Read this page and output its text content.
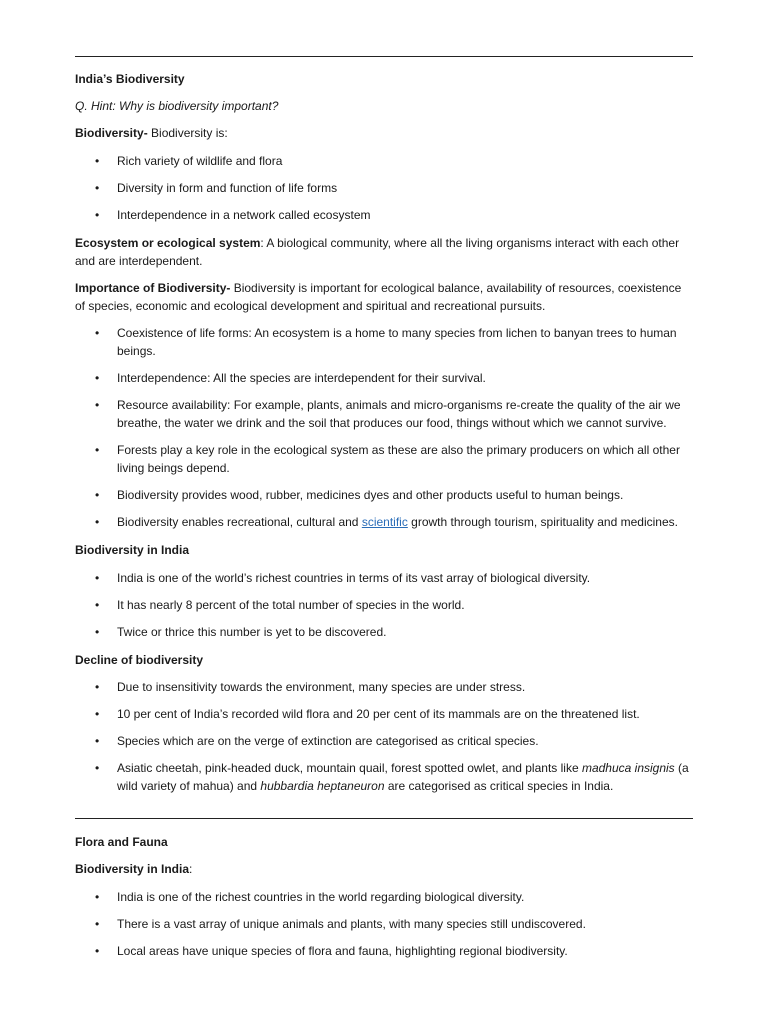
India’s Biodiversity

Q. Hint: Why is biodiversity important?

Biodiversity- Biodiversity is:

• Rich variety of wildlife and flora
• Diversity in form and function of life forms
• Interdependence in a network called ecosystem

Ecosystem or ecological system: A biological community, where all the living organisms interact with each other and are interdependent.

Importance of Biodiversity- Biodiversity is important for ecological balance, availability of resources, coexistence of species, economic and ecological development and spiritual and recreational pursuits.

• Coexistence of life forms: An ecosystem is a home to many species from lichen to banyan trees to human beings.
• Interdependence: All the species are interdependent for their survival.
• Resource availability: For example, plants, animals and micro-organisms re-create the quality of the air we breathe, the water we drink and the soil that produces our food, things without which we cannot survive.
• Forests play a key role in the ecological system as these are also the primary producers on which all other living beings depend.
• Biodiversity provides wood, rubber, medicines dyes and other products useful to human beings.
• Biodiversity enables recreational, cultural and scientific growth through tourism, spirituality and medicines.

Biodiversity in India

• India is one of the world’s richest countries in terms of its vast array of biological diversity.
• It has nearly 8 percent of the total number of species in the world.
• Twice or thrice this number is yet to be discovered.

Decline of biodiversity

• Due to insensitivity towards the environment, many species are under stress.
• 10 per cent of India’s recorded wild flora and 20 per cent of its mammals are on the threatened list.
• Species which are on the verge of extinction are categorised as critical species.
• Asiatic cheetah, pink-headed duck, mountain quail, forest spotted owlet, and plants like madhuca insignis (a wild variety of mahua) and hubbardia heptaneuron are categorised as critical species in India.

Flora and Fauna

Biodiversity in India:

• India is one of the richest countries in the world regarding biological diversity.
• There is a vast array of unique animals and plants, with many species still undiscovered.
• Local areas have unique species of flora and fauna, highlighting regional biodiversity.
